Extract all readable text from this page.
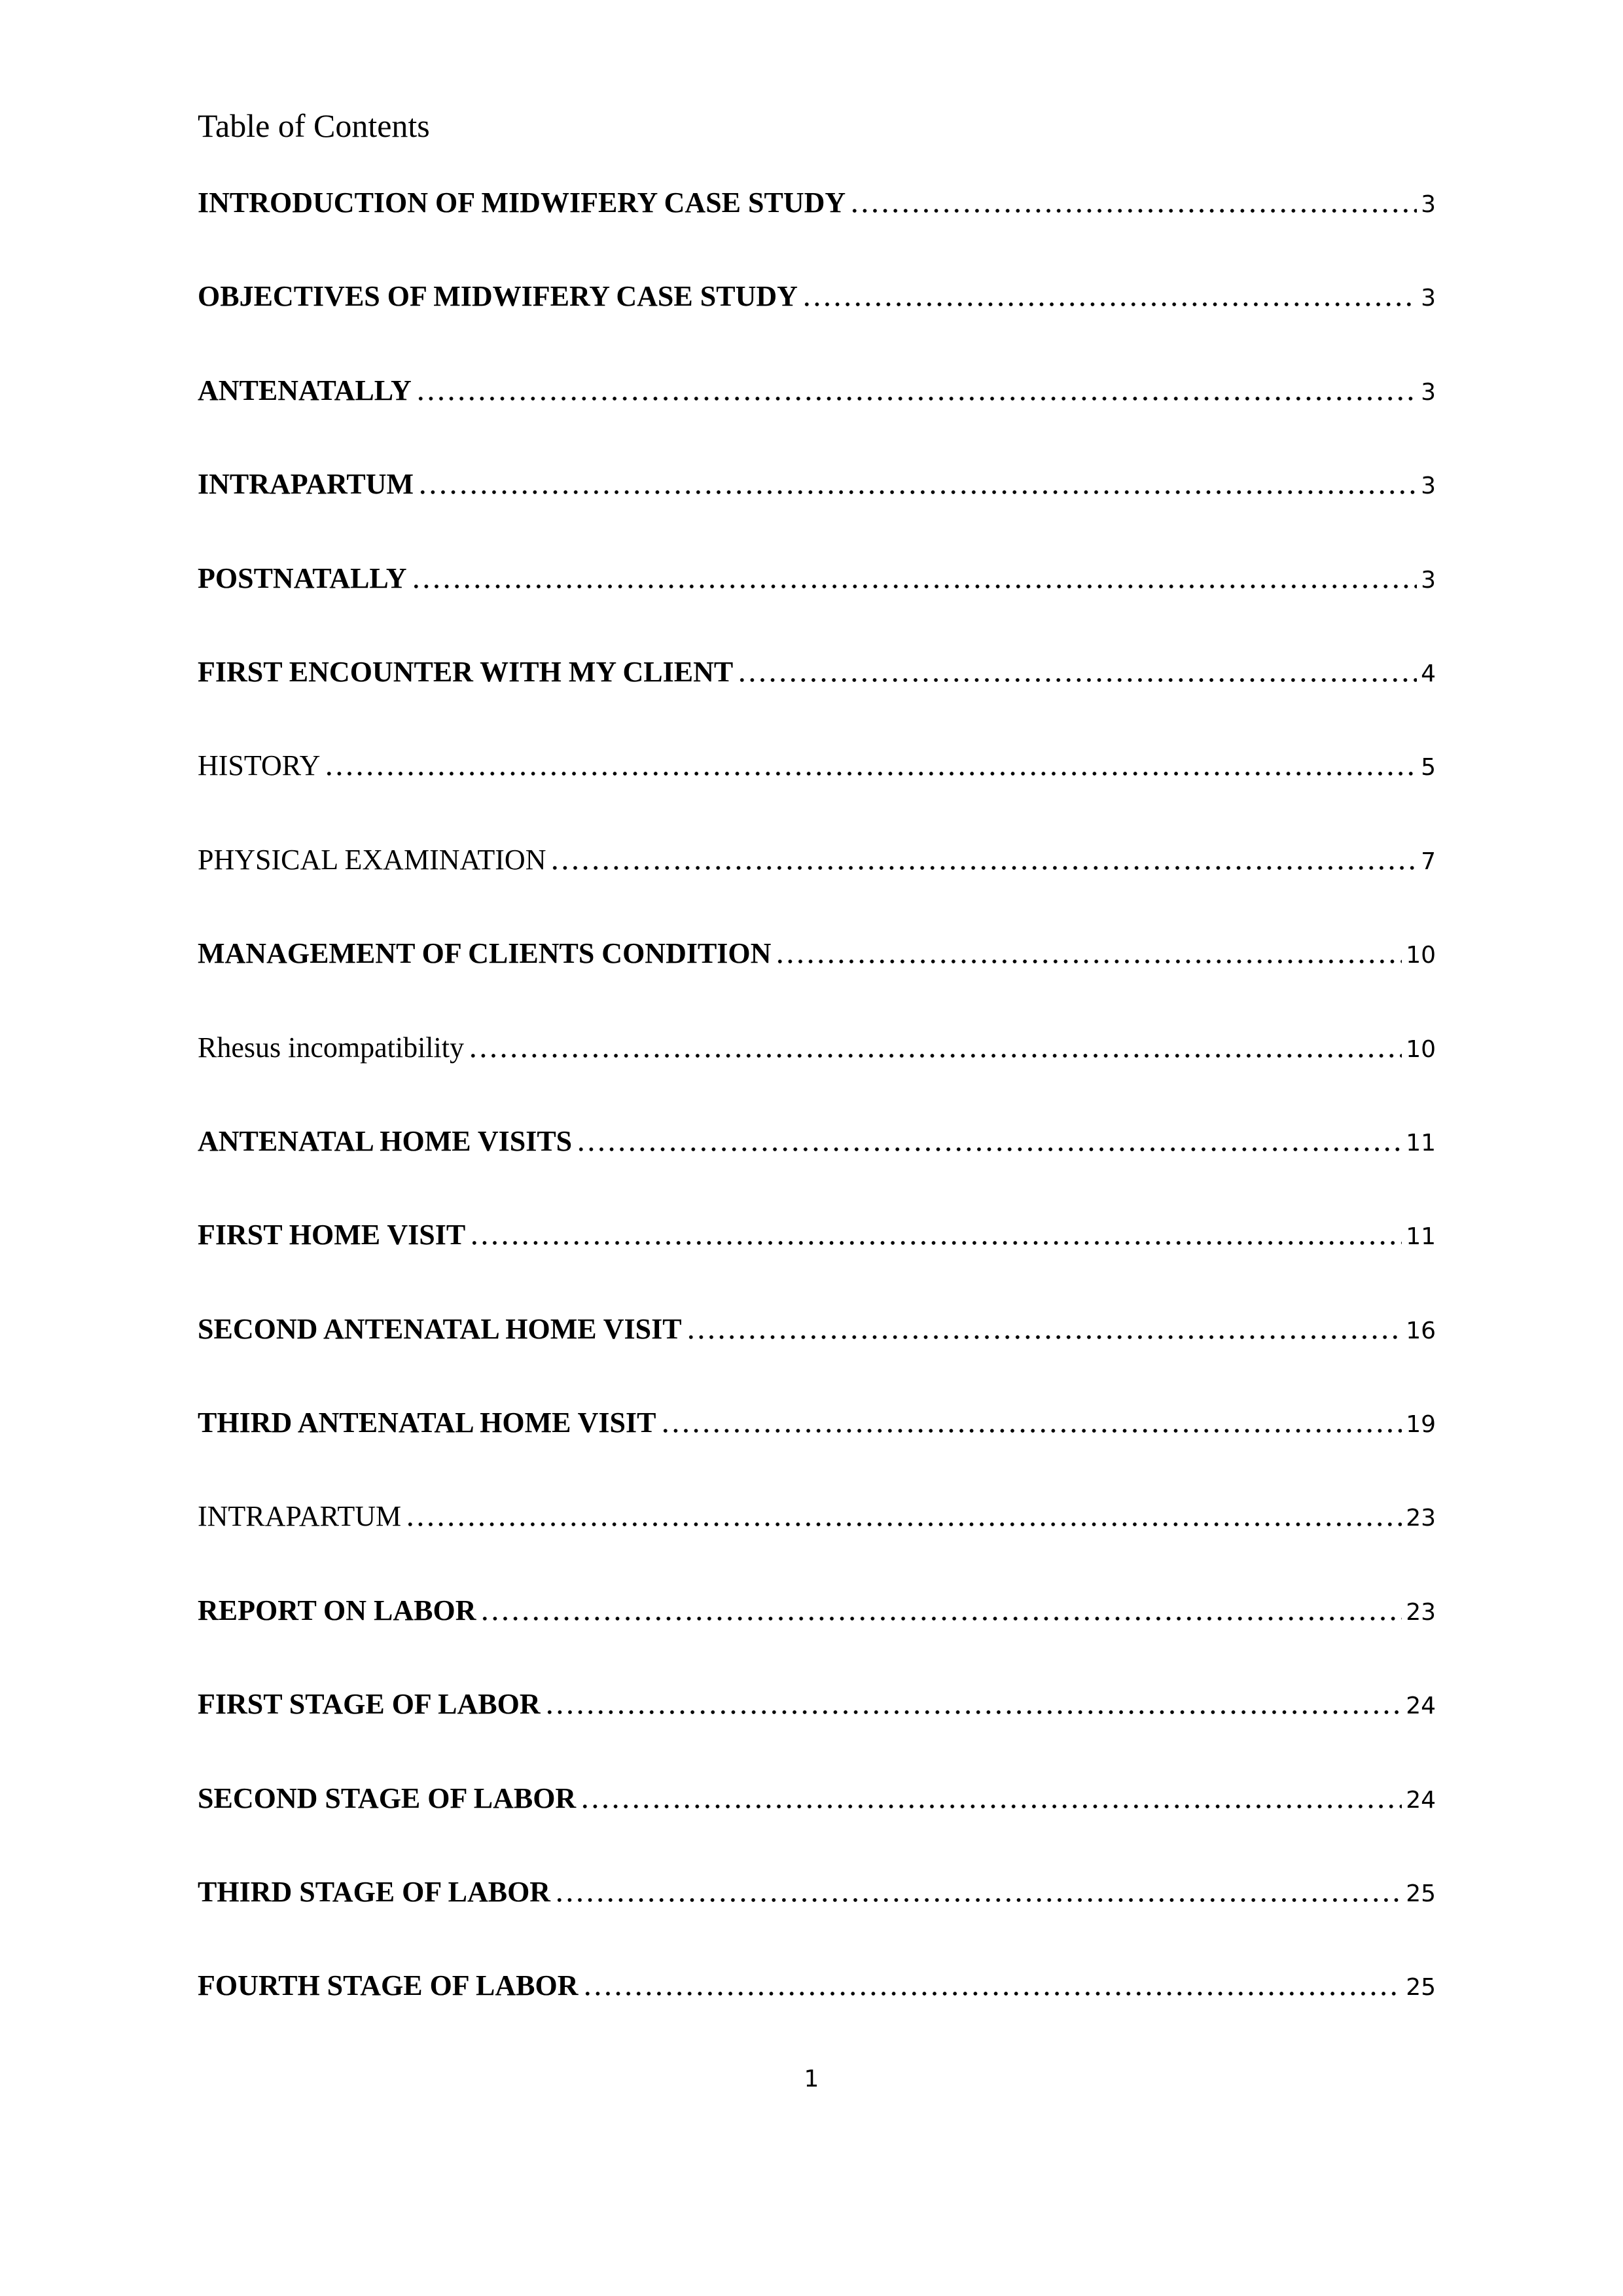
Table of Contents
INTRODUCTION OF MIDWIFERY CASE STUDY	3
OBJECTIVES OF MIDWIFERY CASE STUDY	3
ANTENATALLY	3
INTRAPARTUM	3
POSTNATALLY	3
FIRST ENCOUNTER WITH MY CLIENT	4
HISTORY	5
PHYSICAL EXAMINATION	7
MANAGEMENT OF CLIENTS CONDITION	10
Rhesus incompatibility	10
ANTENATAL HOME VISITS	11
FIRST HOME VISIT	11
SECOND ANTENATAL HOME VISIT	16
THIRD ANTENATAL HOME VISIT	19
INTRAPARTUM	23
REPORT ON LABOR	23
FIRST STAGE OF LABOR	24
SECOND STAGE OF LABOR	24
THIRD STAGE OF LABOR	25
FOURTH STAGE OF LABOR	25
1
